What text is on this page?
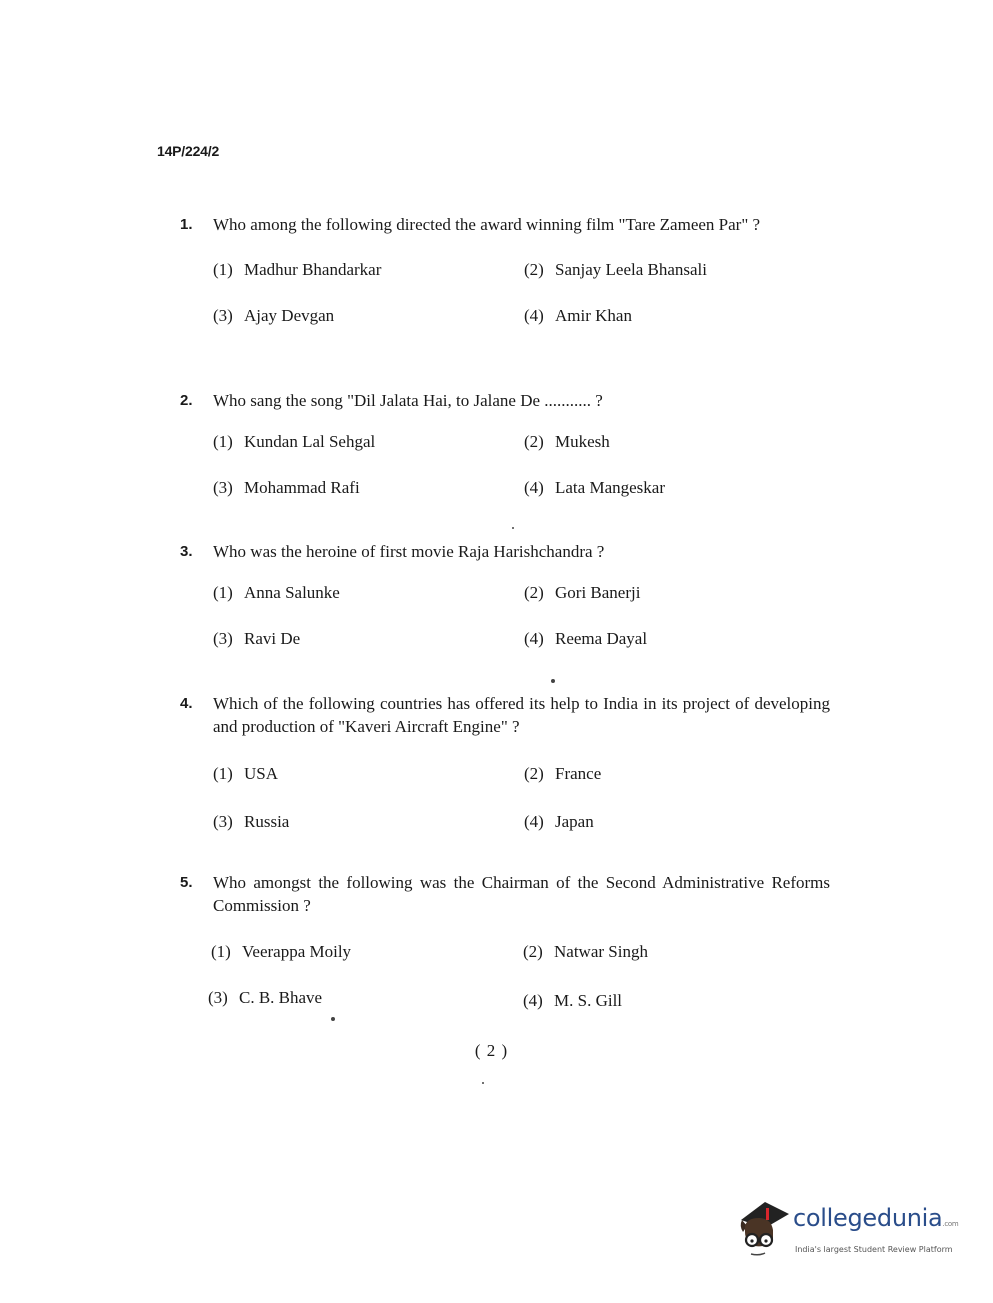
14P/224/2
1. Who among the following directed the award winning film "Tare Zameen Par" ?
(1) Madhur Bhandarkar	(2) Sanjay Leela Bhansali
(3) Ajay Devgan	(4) Amir Khan
2. Who sang the song "Dil Jalata Hai, to Jalane De ........... ?
(1) Kundan Lal Sehgal	(2) Mukesh
(3) Mohammad Rafi	(4) Lata Mangeskar
3. Who was the heroine of first movie Raja Harishchandra ?
(1) Anna Salunke	(2) Gori Banerji
(3) Ravi De	(4) Reema Dayal
4. Which of the following countries has offered its help to India in its project of developing and production of "Kaveri Aircraft Engine" ?
(1) USA	(2) France
(3) Russia	(4) Japan
5. Who amongst the following was the Chairman of the Second Administrative Reforms Commission ?
(1) Veerappa Moily	(2) Natwar Singh
(3) C. B. Bhave	(4) M. S. Gill
( 2 )
collegedunia.com
India's largest Student Review Platform
